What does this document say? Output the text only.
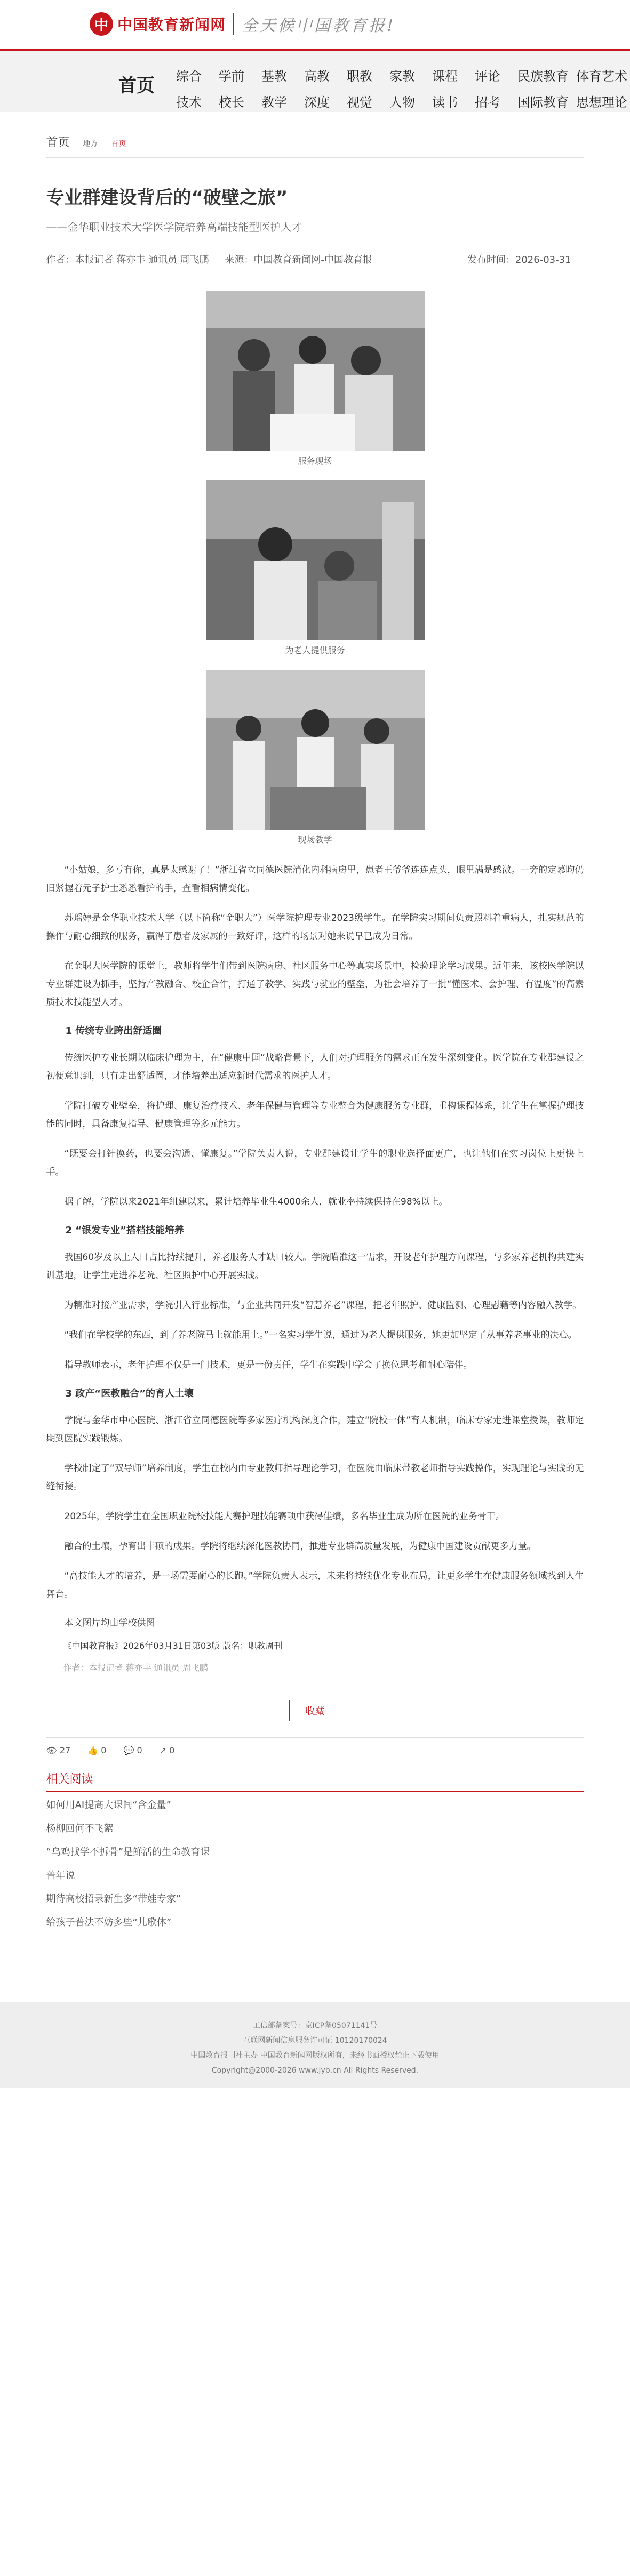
中 中国教育新闻网 全天候中国教育报!
首页 综合	学前	基教	高教	职教	家教	课程	评论	民族教育 体育艺术
技术	校长	教学	深度	视觉	人物	读书	招考	国际教育 思想理论
首页 地方 首页
专业群建设背后的“破壁之旅”
——金华职业技术大学医学院培养高端技能型医护人才
作者：本报记者 蒋亦丰 通讯员 周飞鹏 来源：中国教育新闻网-中国教育报	发布时间：2026-03-31
服务现场
为老人提供服务
现场教学

“小姑娘，多亏有你，真是太感谢了！”浙江省立同德医院消化内科病房里，患者王爷爷连连点头，眼里满是感激。一旁的定慕昀仍旧紧握着元子护士悉悉看护的手，查看相病情变化。

苏瑶婷是金华职业技术大学（以下简称“金职大”）医学院护理专业2023级学生。在学院实习期间负责照料着重病人，扎实规范的操作与耐心细致的服务，赢得了患者及家属的一致好评，这样的场景对她来说早已成为日常。

在金职大医学院的课堂上，教师将学生们带到医院病房、社区服务中心等真实场景中，检验理论学习成果。近年来，该校医学院以专业群建设为抓手，坚持产教融合、校企合作，打通了教学、实践与就业的壁垒，为社会培养了一批“懂医术、会护理、有温度”的高素质技术技能型人才。

1 传统专业跨出舒适圈

传统医护专业长期以临床护理为主，在“健康中国”战略背景下，人们对护理服务的需求正在发生深刻变化。医学院在专业群建设之初便意识到，只有走出舒适圈，才能培养出适应新时代需求的医护人才。

学院打破专业壁垒，将护理、康复治疗技术、老年保健与管理等专业整合为健康服务专业群，重构课程体系，让学生在掌握护理技能的同时，具备康复指导、健康管理等多元能力。

“既要会打针换药，也要会沟通、懂康复。”学院负责人说，专业群建设让学生的职业选择面更广，也让他们在实习岗位上更快上手。

据了解，学院以来2021年组建以来，累计培养毕业生4000余人，就业率持续保持在98%以上。

2 “银发专业”搭档技能培养

我国60岁及以上人口占比持续提升，养老服务人才缺口较大。学院瞄准这一需求，开设老年护理方向课程，与多家养老机构共建实训基地，让学生走进养老院、社区照护中心开展实践。

为精准对接产业需求，学院引入行业标准，与企业共同开发“智慧养老”课程，把老年照护、健康监测、心理慰藉等内容融入教学。

“我们在学校学的东西，到了养老院马上就能用上。”一名实习学生说，通过为老人提供服务，她更加坚定了从事养老事业的决心。

指导教师表示，老年护理不仅是一门技术，更是一份责任，学生在实践中学会了换位思考和耐心陪伴。

3 政产“医教融合”的育人土壤

学院与金华市中心医院、浙江省立同德医院等多家医疗机构深度合作，建立“院校一体”育人机制，临床专家走进课堂授课，教师定期到医院实践锻炼。

学校制定了“双导师”培养制度，学生在校内由专业教师指导理论学习，在医院由临床带教老师指导实践操作，实现理论与实践的无缝衔接。

2025年，学院学生在全国职业院校技能大赛护理技能赛项中获得佳绩，多名毕业生成为所在医院的业务骨干。

融合的土壤，孕育出丰硕的成果。学院将继续深化医教协同，推进专业群高质量发展，为健康中国建设贡献更多力量。

“高技能人才的培养，是一场需要耐心的长跑。”学院负责人表示，未来将持续优化专业布局，让更多学生在健康服务领域找到人生舞台。

本文图片均由学校供图
《中国教育报》2026年03月31日第03版 版名：职教周刊
作者：本报记者 蒋亦丰 通讯员 周飞鹏
收藏
👁 27 👍 0 💬 0 ↗ 0
相关阅读
如何用AI提高大课间“含金量”
杨柳回何不飞絮
“乌鸡找学不拆骨”是鲜活的生命教育课
普年说
期待高校招录新生多“带娃专家”
给孩子普法不妨多些“儿歌体”
工信部备案号：京ICP备05071141号
互联网新闻信息服务许可证 10120170024
中国教育报刊社主办 中国教育新闻网版权所有，未经书面授权禁止下载使用
Copyright@2000-2026 www.jyb.cn All Rights Reserved.
